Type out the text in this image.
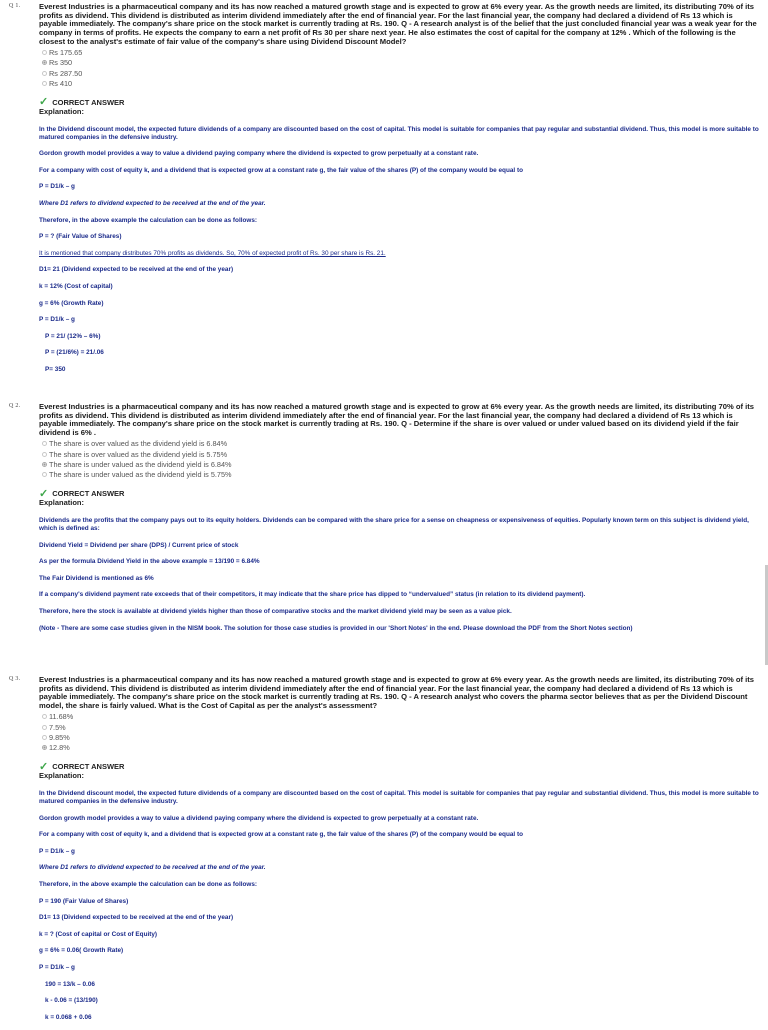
Q 1. Everest Industries is a pharmaceutical company and its has now reached a matured growth stage and is expected to grow at 6% every year. As the growth needs are limited, its distributing 70% of its profits as dividend. This dividend is distributed as interim dividend immediately after the end of financial year. For the last financial year, the company had declared a dividend of Rs 13 which is payable immediately. The company's share price on the stock market is currently trading at Rs. 190. Q - A research analyst is of the belief that the just concluded financial year was a weak year for the company in terms of profits. He expects the company to earn a net profit of Rs 30 per share next year. He also estimates the cost of capital for the company at 12% . Which of the following is the closest to the analyst's estimate of fair value of the company's share using Dividend Discount Model?

Rs 175.65
Rs 350
Rs 287.50
Rs 410
✓ CORRECT ANSWER
Explanation:

In the Dividend discount model, the expected future dividends of a company are discounted based on the cost of capital. This model is suitable for companies that pay regular and substantial dividend. Thus, this model is more suitable to matured companies in the defensive industry.

Gordon growth model provides a way to value a dividend paying company where the dividend is expected to grow perpetually at a constant rate.

For a company with cost of equity k, and a dividend that is expected grow at a constant rate g, the fair value of the shares (P) of the company would be equal to

P = D1/k – g

Where D1 refers to dividend expected to be received at the end of the year.

Therefore, in the above example the calculation can be done as follows:

P = ? (Fair Value of Shares)

It is mentioned that company distributes 70% profits as dividends. So, 70% of expected profit of Rs. 30 per share is Rs. 21.

D1= 21 (Dividend expected to be received at the end of the year)

k = 12% (Cost of capital)

g = 6% (Growth Rate)

P = D1/k – g

P = 21/ (12% – 6%)

P = (21/6%) = 21/.06

P= 350

Q 2. Everest Industries is a pharmaceutical company and its has now reached a matured growth stage and is expected to grow at 6% every year. As the growth needs are limited, its distributing 70% of its profits as dividend. This dividend is distributed as interim dividend immediately after the end of financial year. For the last financial year, the company had declared a dividend of Rs 13 which is payable immediately. The company's share price on the stock market is currently trading at Rs. 190. Q - Determine if the share is over valued or under valued based on its dividend yield if the fair dividend is 6% .

The share is over valued as the dividend yield is 6.84%
The share is over valued as the dividend yield is 5.75%
The share is under valued as the dividend yield is 6.84%
The share is under valued as the dividend yield is 5.75%
✓ CORRECT ANSWER
Explanation:

Dividends are the profits that the company pays out to its equity holders. Dividends can be compared with the share price for a sense on cheapness or expensiveness of equities. Popularly known term on this subject is dividend yield, which is defined as:

Dividend Yield = Dividend per share (DPS) / Current price of stock

As per the formula Dividend Yield in the above example = 13/190 = 6.84%

The Fair Dividend is mentioned as 6%

If a company's dividend payment rate exceeds that of their competitors, it may indicate that the share price has dipped to “undervalued” status (in relation to its dividend payment).

Therefore, here the stock is available at dividend yields higher than those of comparative stocks and the market dividend yield may be seen as a value pick.

(Note - There are some case studies given in the NISM book. The solution for those case studies is provided in our 'Short Notes' in the end. Please download the PDF from the Short Notes section)

Q 3. Everest Industries is a pharmaceutical company and its has now reached a matured growth stage and is expected to grow at 6% every year. As the growth needs are limited, its distributing 70% of its profits as dividend. This dividend is distributed as interim dividend immediately after the end of financial year. For the last financial year, the company had declared a dividend of Rs 13 which is payable immediately. The company's share price on the stock market is currently trading at Rs. 190. Q - A research analyst who covers the pharma sector believes that as per the Dividend Discount model, the share is fairly valued. What is the Cost of Capital as per the analyst's assessment?

11.68%
7.5%
9.85%
12.8%
✓ CORRECT ANSWER
Explanation:

In the Dividend discount model, the expected future dividends of a company are discounted based on the cost of capital. This model is suitable for companies that pay regular and substantial dividend. Thus, this model is more suitable to matured companies in the defensive industry.

Gordon growth model provides a way to value a dividend paying company where the dividend is expected to grow perpetually at a constant rate.

For a company with cost of equity k, and a dividend that is expected grow at a constant rate g, the fair value of the shares (P) of the company would be equal to

P = D1/k – g

Where D1 refers to dividend expected to be received at the end of the year.

Therefore, in the above example the calculation can be done as follows:

P = 190 (Fair Value of Shares)

D1= 13 (Dividend expected to be received at the end of the year)

k = ? (Cost of capital or Cost of Equity)

g = 6% = 0.06( Growth Rate)

P = D1/k – g

190 = 13/k – 0.06

k - 0.06 = (13/190)

k = 0.068 + 0.06
